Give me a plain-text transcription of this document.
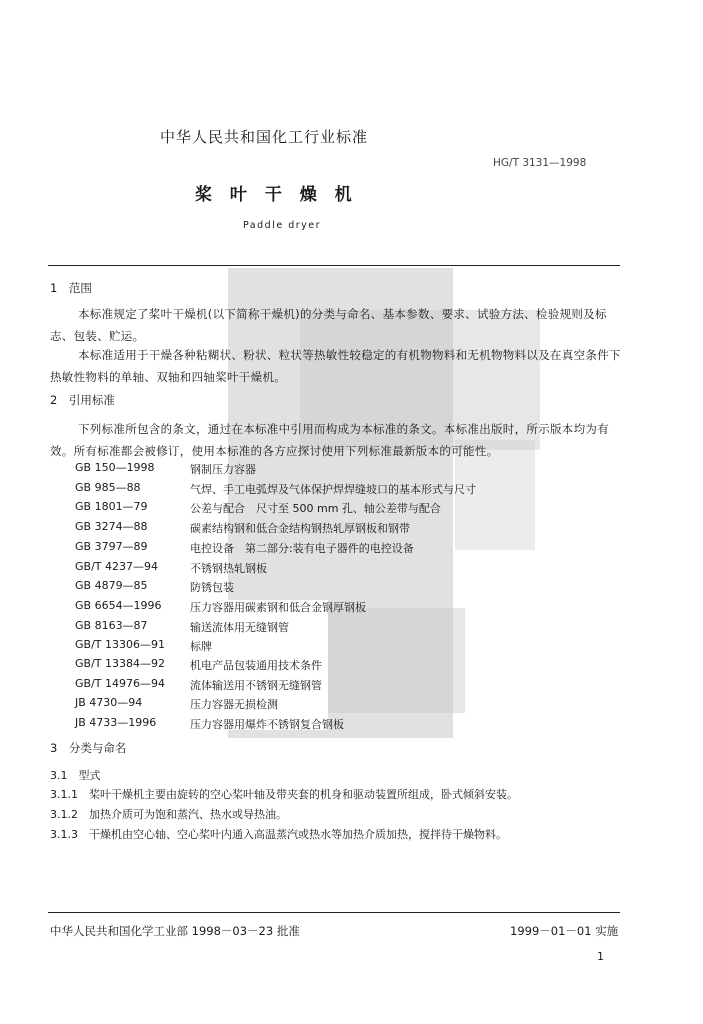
中华人民共和国化工行业标准
HG/T 3131—1998
桨 叶 干 燥 机
Paddle dryer
1　范围
本标准规定了桨叶干燥机(以下简称干燥机)的分类与命名、基本参数、要求、试验方法、检验规则及标志、包装、贮运。
本标准适用于干燥各种粘糊状、粉状、粒状等热敏性较稳定的有机物物料和无机物物料以及在真空条件下热敏性物料的单轴、双轴和四轴桨叶干燥机。
2　引用标准
下列标准所包含的条文，通过在本标准中引用而构成为本标准的条文。本标准出版时，所示版本均为有效。所有标准都会被修订，使用本标准的各方应探讨使用下列标准最新版本的可能性。
GB 150—1998	钢制压力容器
GB 985—88	气焊、手工电弧焊及气体保护焊焊缝坡口的基本形式与尺寸
GB 1801—79	公差与配合　尺寸至 500 mm 孔、轴公差带与配合
GB 3274—88	碳素结构钢和低合金结构钢热轧厚钢板和钢带
GB 3797—89	电控设备　第二部分:装有电子器件的电控设备
GB/T 4237—94	不锈钢热轧钢板
GB 4879—85	防锈包装
GB 6654—1996	压力容器用碳素钢和低合金钢厚钢板
GB 8163—87	输送流体用无缝钢管
GB/T 13306—91	标牌
GB/T 13384—92	机电产品包装通用技术条件
GB/T 14976—94	流体输送用不锈钢无缝钢管
JB 4730—94	压力容器无损检测
JB 4733—1996	压力容器用爆炸不锈钢复合钢板
3　分类与命名
3.1　型式
3.1.1　桨叶干燥机主要由旋转的空心桨叶轴及带夹套的机身和驱动装置所组成，卧式倾斜安装。
3.1.2　加热介质可为饱和蒸汽、热水或导热油。
3.1.3　干燥机由空心轴、空心桨叶内通入高温蒸汽或热水等加热介质加热，搅拌待干燥物料。
中华人民共和国化学工业部 1998－03－23 批准	1999－01－01 实施
1
